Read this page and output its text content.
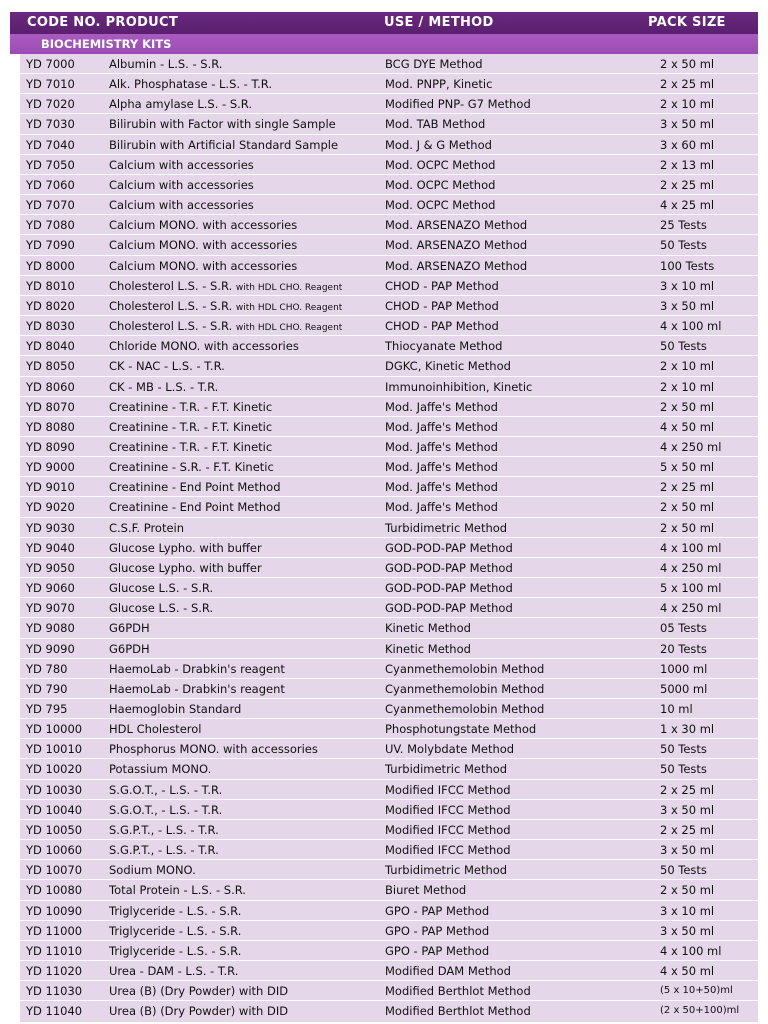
CODE NO. PRODUCT	USE / METHOD	PACK SIZE
BIOCHEMISTRY KITS
YD 7000	Albumin - L.S. - S.R.	BCG DYE Method	2 x 50 ml
YD 7010	Alk. Phosphatase - L.S. - T.R.	Mod. PNPP, Kinetic	2 x 25 ml
YD 7020	Alpha amylase L.S. - S.R.	Modified PNP- G7 Method	2 x 10 ml
YD 7030	Bilirubin with Factor with single Sample	Mod. TAB Method	3 x 50 ml
YD 7040	Bilirubin with Artificial Standard Sample	Mod. J & G Method	3 x 60 ml
YD 7050	Calcium with accessories	Mod. OCPC Method	2 x 13 ml
YD 7060	Calcium with accessories	Mod. OCPC Method	2 x 25 ml
YD 7070	Calcium with accessories	Mod. OCPC Method	4 x 25 ml
YD 7080	Calcium MONO. with accessories	Mod. ARSENAZO Method	25 Tests
YD 7090	Calcium MONO. with accessories	Mod. ARSENAZO Method	50 Tests
YD 8000	Calcium MONO. with accessories	Mod. ARSENAZO Method	100 Tests
YD 8010	Cholesterol L.S. - S.R. with HDL CHO. Reagent	CHOD - PAP Method	3 x 10 ml
YD 8020	Cholesterol L.S. - S.R. with HDL CHO. Reagent	CHOD - PAP Method	3 x 50 ml
YD 8030	Cholesterol L.S. - S.R. with HDL CHO. Reagent	CHOD - PAP Method	4 x 100 ml
YD 8040	Chloride MONO. with accessories	Thiocyanate Method	50 Tests
YD 8050	CK - NAC - L.S. - T.R.	DGKC, Kinetic Method	2 x 10 ml
YD 8060	CK - MB - L.S. - T.R.	Immunoinhibition, Kinetic	2 x 10 ml
YD 8070	Creatinine - T.R. - F.T. Kinetic	Mod. Jaffe's Method	2 x 50 ml
YD 8080	Creatinine - T.R. - F.T. Kinetic	Mod. Jaffe's Method	4 x 50 ml
YD 8090	Creatinine - T.R. - F.T. Kinetic	Mod. Jaffe's Method	4 x 250 ml
YD 9000	Creatinine - S.R. - F.T. Kinetic	Mod. Jaffe's Method	5 x 50 ml
YD 9010	Creatinine - End Point Method	Mod. Jaffe's Method	2 x 25 ml
YD 9020	Creatinine - End Point Method	Mod. Jaffe's Method	2 x 50 ml
YD 9030	C.S.F. Protein	Turbidimetric Method	2 x 50 ml
YD 9040	Glucose Lypho. with buffer	GOD-POD-PAP Method	4 x 100 ml
YD 9050	Glucose Lypho. with buffer	GOD-POD-PAP Method	4 x 250 ml
YD 9060	Glucose L.S. - S.R.	GOD-POD-PAP Method	5 x 100 ml
YD 9070	Glucose L.S. - S.R.	GOD-POD-PAP Method	4 x 250 ml
YD 9080	G6PDH	Kinetic Method	05 Tests
YD 9090	G6PDH	Kinetic Method	20 Tests
YD 780	HaemoLab - Drabkin's reagent	Cyanmethemolobin Method	1000 ml
YD 790	HaemoLab - Drabkin's reagent	Cyanmethemolobin Method	5000 ml
YD 795	Haemoglobin Standard	Cyanmethemolobin Method	10 ml
YD 10000	HDL Cholesterol	Phosphotungstate Method	1 x 30 ml
YD 10010	Phosphorus MONO. with accessories	UV. Molybdate Method	50 Tests
YD 10020	Potassium MONO.	Turbidimetric Method	50 Tests
YD 10030	S.G.O.T., - L.S. - T.R.	Modified IFCC Method	2 x 25 ml
YD 10040	S.G.O.T., - L.S. - T.R.	Modified IFCC Method	3 x 50 ml
YD 10050	S.G.P.T., - L.S. - T.R.	Modified IFCC Method	2 x 25 ml
YD 10060	S.G.P.T., - L.S. - T.R.	Modified IFCC Method	3 x 50 ml
YD 10070	Sodium MONO.	Turbidimetric Method	50 Tests
YD 10080	Total Protein - L.S. - S.R.	Biuret Method	2 x 50 ml
YD 10090	Triglyceride - L.S. - S.R.	GPO - PAP Method	3 x 10 ml
YD 11000	Triglyceride - L.S. - S.R.	GPO - PAP Method	3 x 50 ml
YD 11010	Triglyceride - L.S. - S.R.	GPO - PAP Method	4 x 100 ml
YD 11020	Urea - DAM - L.S. - T.R.	Modified DAM Method	4 x 50 ml
YD 11030	Urea (B) (Dry Powder) with DID	Modified Berthlot Method	(5 x 10+50)ml
YD 11040	Urea (B) (Dry Powder) with DID	Modified Berthlot Method	(2 x 50+100)ml
